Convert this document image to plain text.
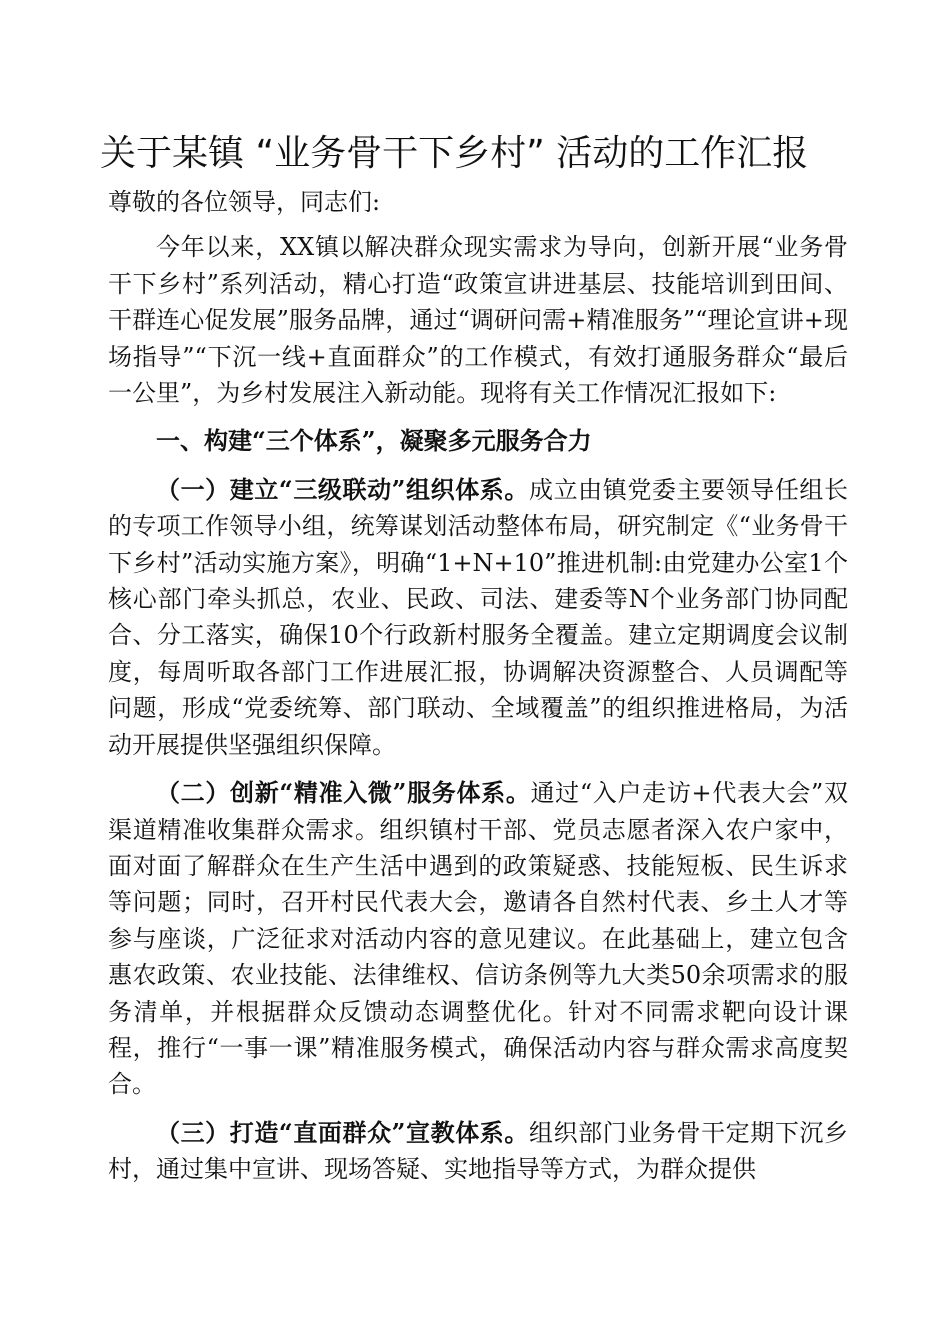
关于某镇 “业务骨干下乡村” 活动的工作汇报

尊敬的各位领导，同志们:

今年以来，XX镇以解决群众现实需求为导向，创新开展“业务骨干下乡村”系列活动，精心打造“政策宣讲进基层、技能培训到田间、干群连心促发展”服务品牌，通过“调研问需+精准服务”“理论宣讲+现场指导”“下沉一线+直面群众”的工作模式，有效打通服务群众“最后一公里”，为乡村发展注入新动能。现将有关工作情况汇报如下:

一、构建“三个体系”，凝聚多元服务合力

（一）建立“三级联动”组织体系。成立由镇党委主要领导任组长的专项工作领导小组，统筹谋划活动整体布局，研究制定《“业务骨干下乡村”活动实施方案》，明确“1+N+10”推进机制:由党建办公室1个核心部门牵头抓总，农业、民政、司法、建委等N个业务部门协同配合、分工落实，确保10个行政新村服务全覆盖。建立定期调度会议制度，每周听取各部门工作进展汇报，协调解决资源整合、人员调配等问题，形成“党委统筹、部门联动、全域覆盖”的组织推进格局，为活动开展提供坚强组织保障。

（二）创新“精准入微”服务体系。通过“入户走访+代表大会”双渠道精准收集群众需求。组织镇村干部、党员志愿者深入农户家中，面对面了解群众在生产生活中遇到的政策疑惑、技能短板、民生诉求等问题；同时，召开村民代表大会，邀请各自然村代表、乡土人才等参与座谈，广泛征求对活动内容的意见建议。在此基础上，建立包含惠农政策、农业技能、法律维权、信访条例等九大类50余项需求的服务清单，并根据群众反馈动态调整优化。针对不同需求靶向设计课程，推行“一事一课”精准服务模式，确保活动内容与群众需求高度契合。

（三）打造“直面群众”宣教体系。组织部门业务骨干定期下沉乡村，通过集中宣讲、现场答疑、实地指导等方式，为群众提供
